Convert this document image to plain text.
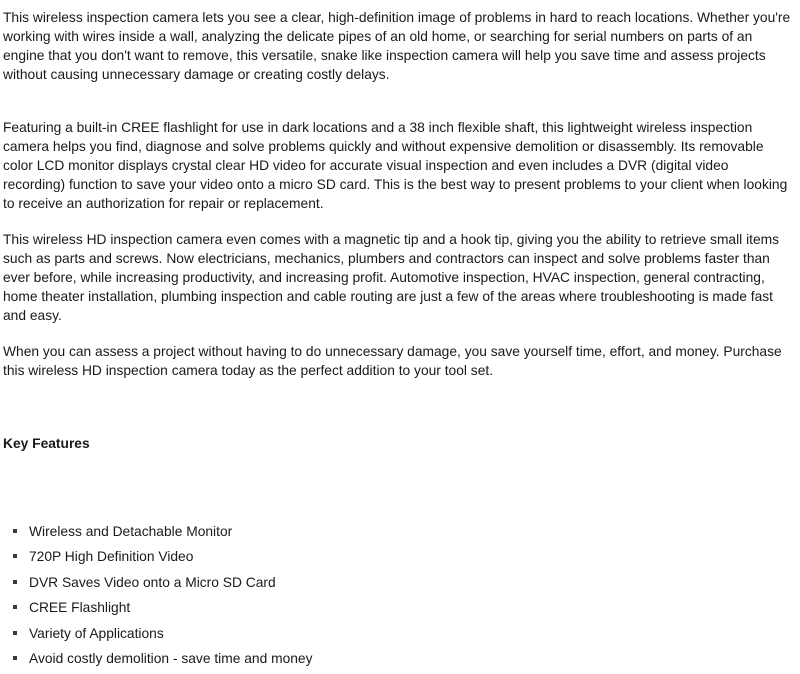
This wireless inspection camera lets you see a clear, high-definition image of problems in hard to reach locations. Whether you're working with wires inside a wall, analyzing the delicate pipes of an old home, or searching for serial numbers on parts of an engine that you don't want to remove, this versatile, snake like inspection camera will help you save time and assess projects without causing unnecessary damage or creating costly delays.

Featuring a built-in CREE flashlight for use in dark locations and a 38 inch flexible shaft, this lightweight wireless inspection camera helps you find, diagnose and solve problems quickly and without expensive demolition or disassembly. Its removable color LCD monitor displays crystal clear HD video for accurate visual inspection and even includes a DVR (digital video recording) function to save your video onto a micro SD card. This is the best way to present problems to your client when looking to receive an authorization for repair or replacement.

This wireless HD inspection camera even comes with a magnetic tip and a hook tip, giving you the ability to retrieve small items such as parts and screws. Now electricians, mechanics, plumbers and contractors can inspect and solve problems faster than ever before, while increasing productivity, and increasing profit. Automotive inspection, HVAC inspection, general contracting, home theater installation, plumbing inspection and cable routing are just a few of the areas where troubleshooting is made fast and easy.

When you can assess a project without having to do unnecessary damage, you save yourself time, effort, and money. Purchase this wireless HD inspection camera today as the perfect addition to your tool set.

Key Features
Wireless and Detachable Monitor
720P High Definition Video
DVR Saves Video onto a Micro SD Card
CREE Flashlight
Variety of Applications
Avoid costly demolition - save time and money
